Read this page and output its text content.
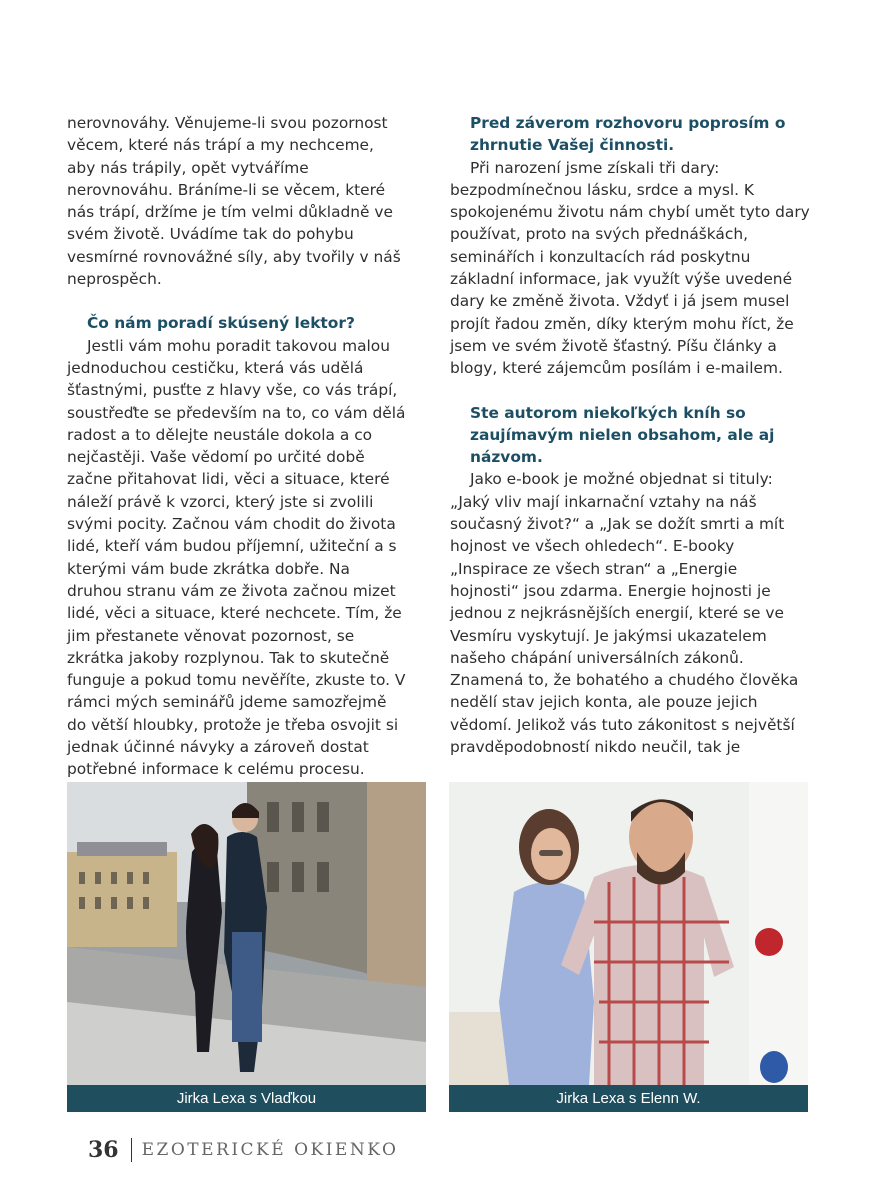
nerovnováhy. Věnujeme-li svou pozornost věcem, které nás trápí a my nechceme, aby nás trápily, opět vytváříme nerovnováhu. Bráníme-li se věcem, které nás trápí, držíme je tím velmi důkladně ve svém životě. Uvádíme tak do pohybu vesmírné rovnovážné síly, aby tvořily v náš neprospěch.

Čo nám poradí skúsený lektor?

Jestli vám mohu poradit takovou malou jednoduchou cestičku, která vás udělá šťastnými, pusťte z hlavy vše, co vás trápí, soustřeďte se především na to, co vám dělá radost a to dělejte neustále dokola a co nejčastěji. Vaše vědomí po určité době začne přitahovat lidi, věci a situace, které náleží právě k vzorci, který jste si zvolili svými pocity. Začnou vám chodit do života lidé, kteří vám budou příjemní, užiteční a s kterými vám bude zkrátka dobře. Na druhou stranu vám ze života začnou mizet lidé, věci a situace, které nechcete. Tím, že jim přestanete věnovat pozornost, se zkrátka jakoby rozplynou. Tak to skutečně funguje a pokud tomu nevěříte, zkuste to. V rámci mých seminářů jdeme samozřejmě do větší hloubky, protože je třeba osvojit si jednak účinné návyky a zároveň dostat potřebné informace k celému procesu.

Pred záverom rozhovoru poprosím o zhrnutie Vašej činnosti.

Při narození jsme získali tři dary: bezpodmínečnou lásku, srdce a mysl. K spokojenému životu nám chybí umět tyto dary používat, proto na svých přednáškách, seminářích i konzultacích rád poskytnu základní informace, jak využít výše uvedené dary ke změně života. Vždyť i já jsem musel projít řadou změn, díky kterým mohu říct, že jsem ve svém životě šťastný. Píšu články a blogy, které zájemcům posílám i e-mailem.

Ste autorom niekoľkých kníh so zaujímavým nielen obsahom, ale aj názvom.

Jako e-book je možné objednat si tituly: „Jaký vliv mají inkarnační vztahy na náš současný život?“ a „Jak se dožít smrti a mít hojnost ve všech ohledech“. E-booky „Inspirace ze všech stran“ a „Energie hojnosti“ jsou zdarma. Energie hojnosti je jednou z nejkrásnějších energií, které se ve Vesmíru vyskytují. Je jakýmsi ukazatelem našeho chápání universálních zákonů. Znamená to, že bohatého a chudého člověka nedělí stav jejich konta, ale pouze jejich vědomí. Jelikož vás tuto zákonitost s největší pravděpodobností nikdo neučil, tak je

Jirka Lexa s Vlaďkou	Jirka Lexa s Elenn W.
36 EZOTERICKÉ OKIENKO
